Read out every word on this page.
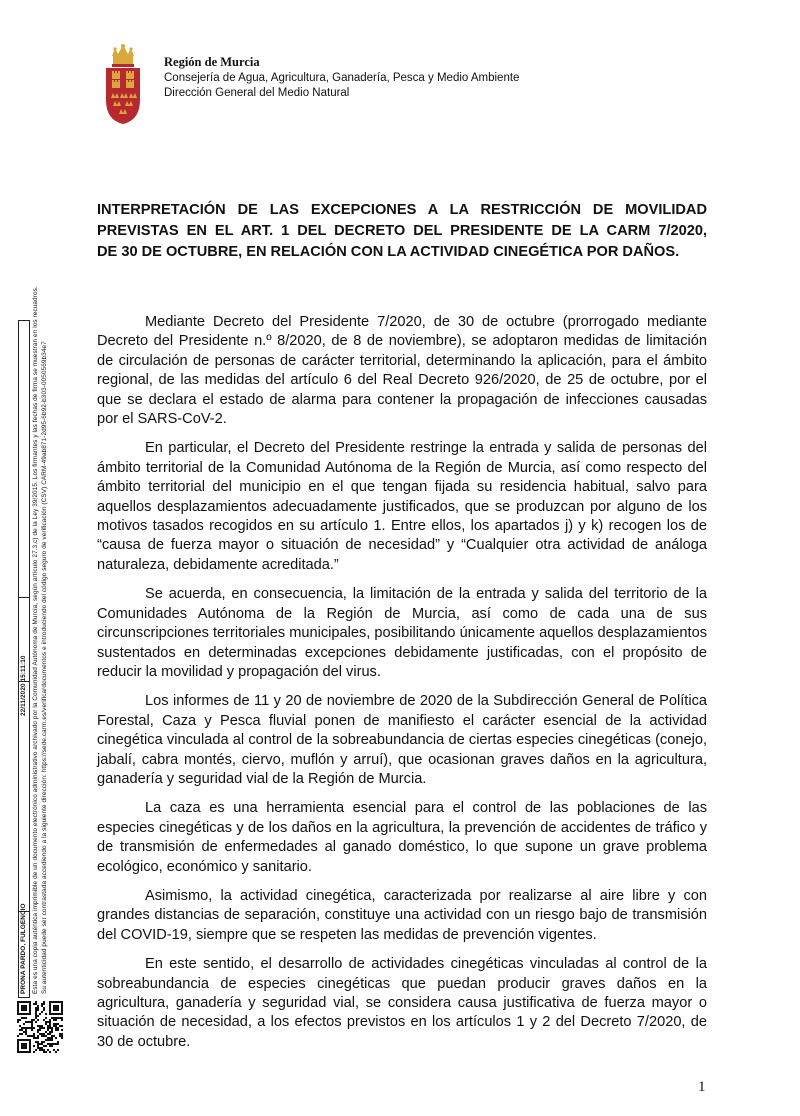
Región de Murcia
Consejería de Agua, Agricultura, Ganadería, Pesca y Medio Ambiente
Dirección General del Medio Natural
INTERPRETACIÓN DE LAS EXCEPCIONES A LA RESTRICCIÓN DE MOVILIDAD
PREVISTAS EN EL ART. 1 DEL DECRETO DEL PRESIDENTE DE LA CARM 7/2020,
DE 30 DE OCTUBRE, EN RELACIÓN CON LA ACTIVIDAD CINEGÉTICA POR DAÑOS.

Mediante Decreto del Presidente 7/2020, de 30 de octubre (prorrogado mediante Decreto del Presidente n.º 8/2020, de 8 de noviembre), se adoptaron medidas de limitación de circulación de personas de carácter territorial, determinando la aplicación, para el ámbito regional, de las medidas del artículo 6 del Real Decreto 926/2020, de 25 de octubre, por el que se declara el estado de alarma para contener la propagación de infecciones causadas por el SARS-CoV-2.

En particular, el Decreto del Presidente restringe la entrada y salida de personas del ámbito territorial de la Comunidad Autónoma de la Región de Murcia, así como respecto del ámbito territorial del municipio en el que tengan fijada su residencia habitual, salvo para aquellos desplazamientos adecuadamente justificados, que se produzcan por alguno de los motivos tasados recogidos en su artículo 1. Entre ellos, los apartados j) y k) recogen los de “causa de fuerza mayor o situación de necesidad” y “Cualquier otra actividad de análoga naturaleza, debidamente acreditada.”

Se acuerda, en consecuencia, la limitación de la entrada y salida del territorio de la Comunidades Autónoma de la Región de Murcia, así como de cada una de sus circunscripciones territoriales municipales, posibilitando únicamente aquellos desplazamientos sustentados en determinadas excepciones debidamente justificadas, con el propósito de reducir la movilidad y propagación del virus.

Los informes de 11 y 20 de noviembre de 2020 de la Subdirección General de Política Forestal, Caza y Pesca fluvial ponen de manifiesto el carácter esencial de la actividad cinegética vinculada al control de la sobreabundancia de ciertas especies cinegéticas (conejo, jabalí, cabra montés, ciervo, muflón y arruí), que ocasionan graves daños en la agricultura, ganadería y seguridad vial de la Región de Murcia.

La caza es una herramienta esencial para el control de las poblaciones de las especies cinegéticas y de los daños en la agricultura, la prevención de accidentes de tráfico y de transmisión de enfermedades al ganado doméstico, lo que supone un grave problema ecológico, económico y sanitario.

Asimismo, la actividad cinegética, caracterizada por realizarse al aire libre y con grandes distancias de separación, constituye una actividad con un riesgo bajo de transmisión del COVID-19, siempre que se respeten las medidas de prevención vigentes.

En este sentido, el desarrollo de actividades cinegéticas vinculadas al control de la sobreabundancia de especies cinegéticas que puedan producir graves daños en la agricultura, ganadería y seguridad vial, se considera causa justificativa de fuerza mayor o situación de necesidad, a los efectos previstos en los artículos 1 y 2 del Decreto 7/2020, de 30 de octubre.

PRONA PARDO, FULGENCIO
22/11/2020 15:11:10 Esta es una copia auténtica imprimible de un documento electrónico administrativo archivado por la Comunidad Autónoma de Murcia, según artículo 27.3.c) de la Ley 39/2015. Los firmantes y las fechas de firma se muestran en los recuadros. Su autenticidad puede ser contrastada accediendo a la siguiente dirección: https://sede.carm.es/verificardocumentos e introduciendo del código seguro de verificación (CSV) CARM-49ab871-2d95-6b92-b303-0050569b34e7
1
